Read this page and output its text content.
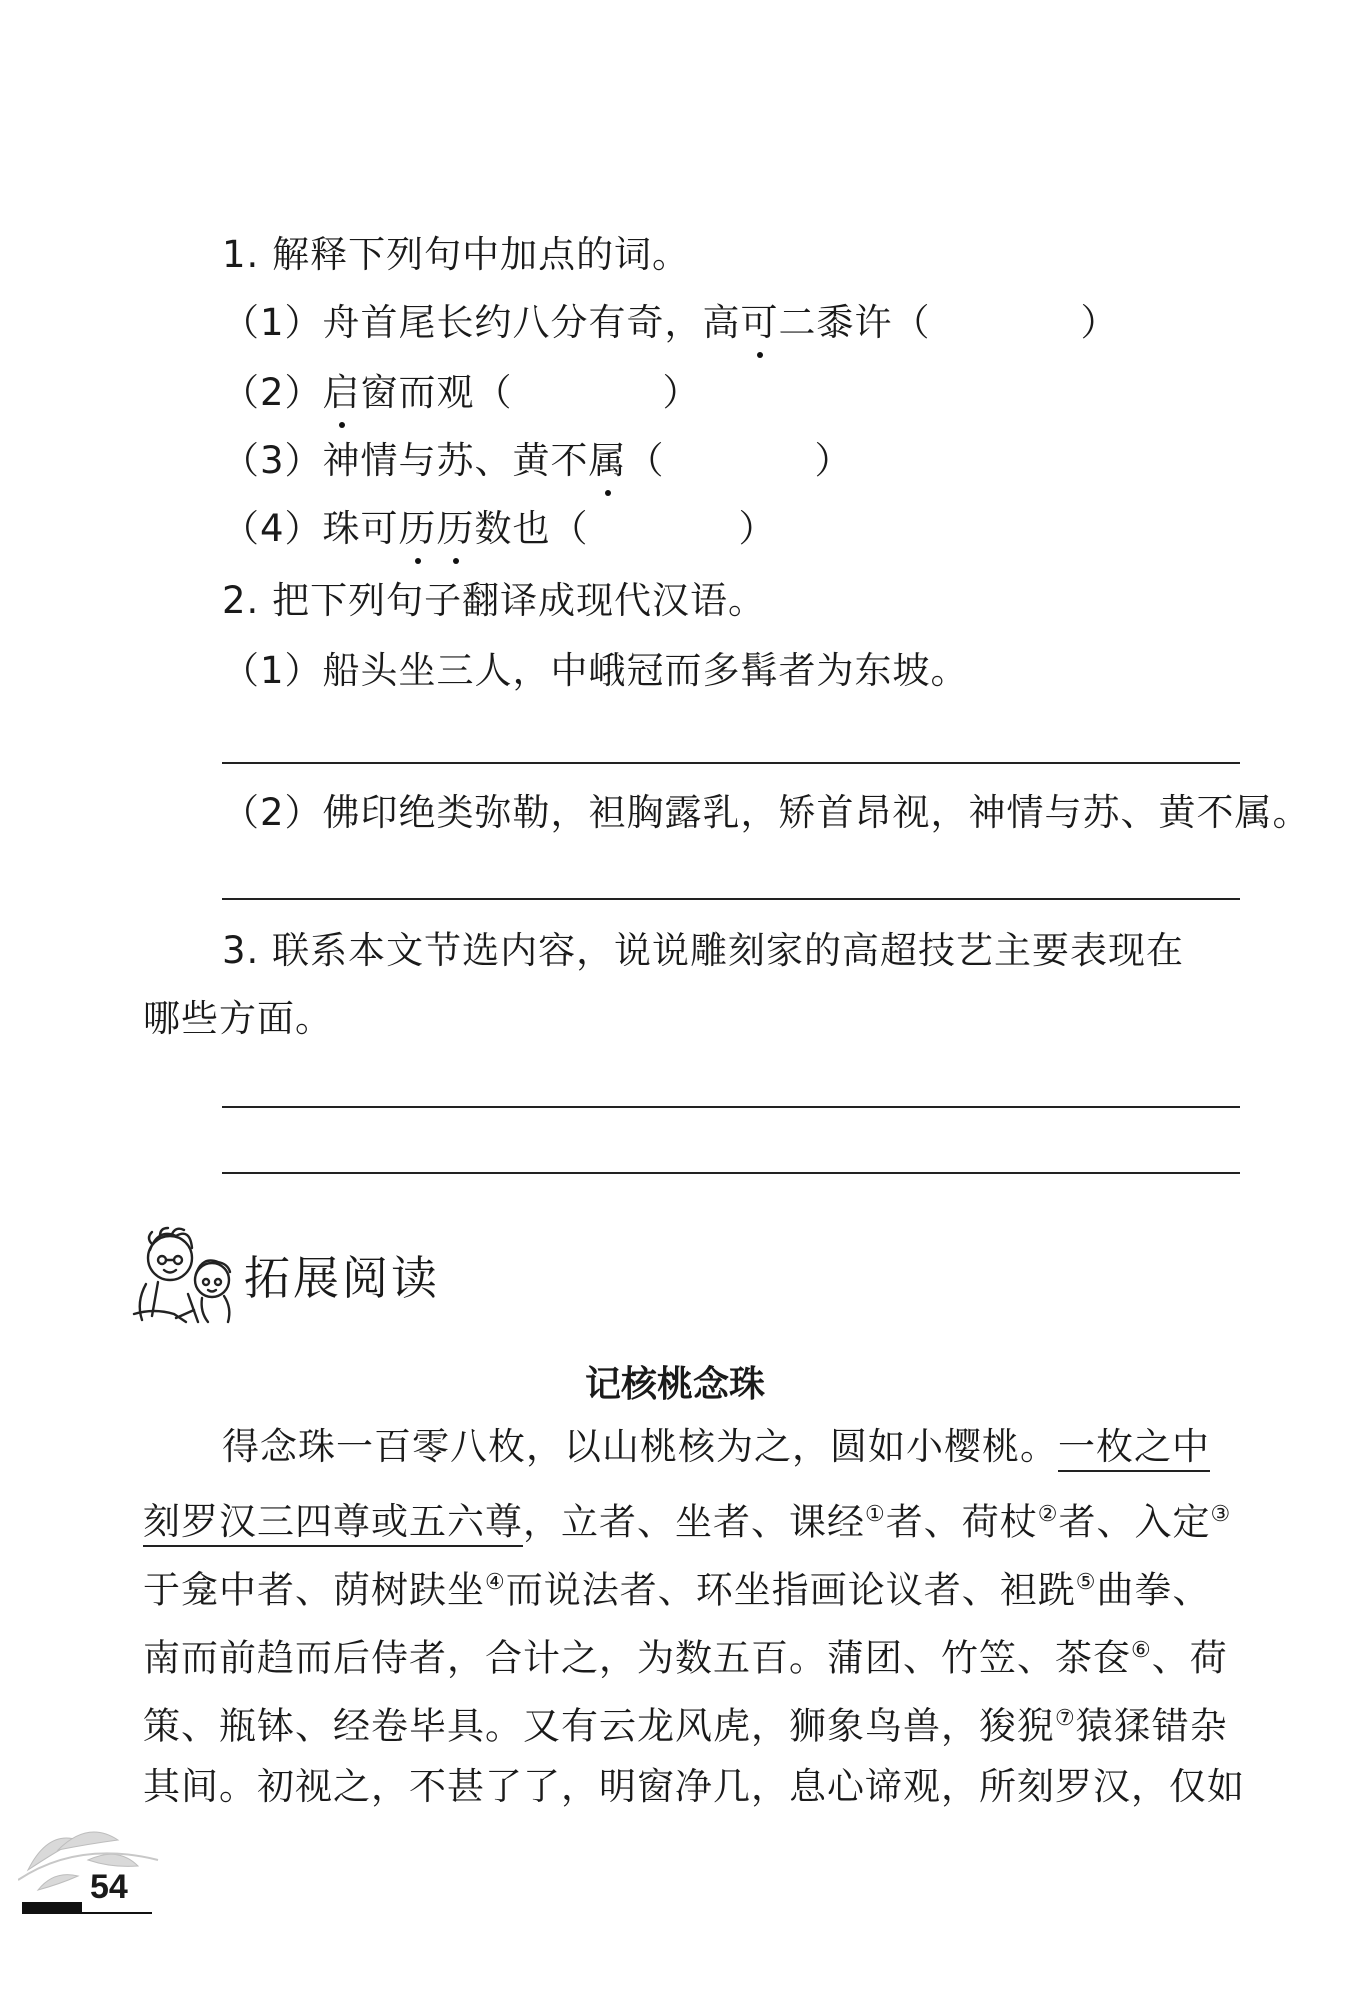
1. 解释下列句中加点的词。
（1）舟首尾长约八分有奇，高可二黍许（	）
（2）启窗而观（	）
（3）神情与苏、黄不属（	）
（4）珠可历历数也（	）
2. 把下列句子翻译成现代汉语。
（1）船头坐三人，中峨冠而多髯者为东坡。
（2）佛印绝类弥勒，袒胸露乳，矫首昂视，神情与苏、黄不属。
3. 联系本文节选内容，说说雕刻家的高超技艺主要表现在
哪些方面。
拓展阅读
记核桃念珠
得念珠一百零八枚，以山桃核为之，圆如小樱桃。一枚之中
刻罗汉三四尊或五六尊，立者、坐者、课经①者、荷杖②者、入定③
于龛中者、荫树趺坐④而说法者、环坐指画论议者、袒跣⑤曲拳、
南而前趋而后侍者，合计之，为数五百。蒲团、竹笠、茶奁⑥、荷
策、瓶钵、经卷毕具。又有云龙风虎，狮象鸟兽，狻猊⑦猿猱错杂
其间。初视之，不甚了了，明窗净几，息心谛观，所刻罗汉，仅如
54
